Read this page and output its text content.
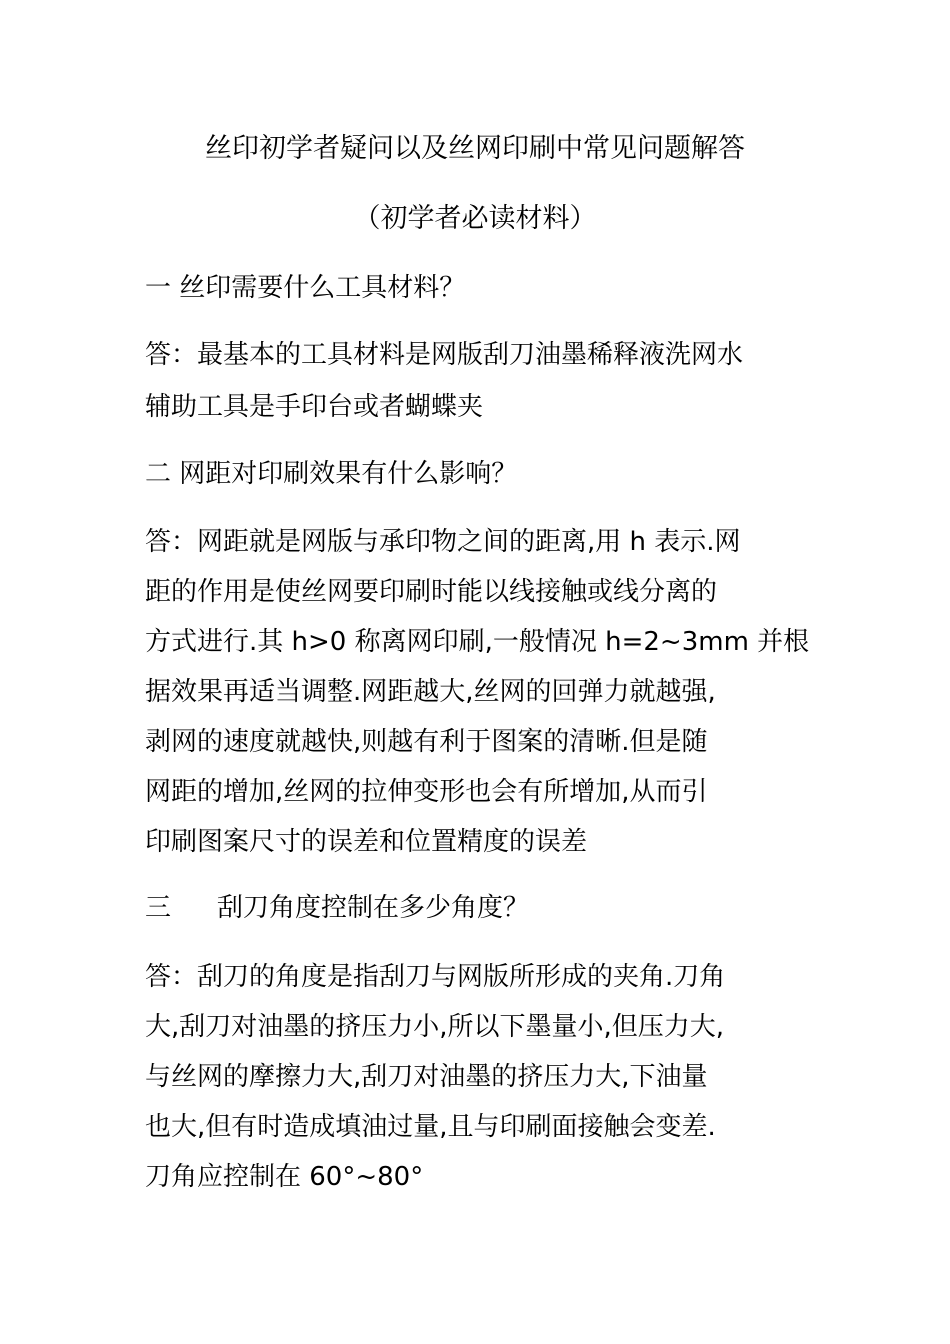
丝印初学者疑问以及丝网印刷中常见问题解答
（初学者必读材料）
一 丝印需要什么工具材料？
答：最基本的工具材料是网版刮刀油墨稀释液洗网水
辅助工具是手印台或者蝴蝶夹
二 网距对印刷效果有什么影响？
答：网距就是网版与承印物之间的距离,用 h 表示.网
距的作用是使丝网要印刷时能以线接触或线分离的
方式进行.其 h>0 称离网印刷,一般情况 h=2~3mm 并根
据效果再适当调整.网距越大,丝网的回弹力就越强,
剥网的速度就越快,则越有利于图案的清晰.但是随
网距的增加,丝网的拉伸变形也会有所增加,从而引
印刷图案尺寸的误差和位置精度的误差
三 刮刀角度控制在多少角度？
答：刮刀的角度是指刮刀与网版所形成的夹角.刀角
大,刮刀对油墨的挤压力小,所以下墨量小,但压力大,
与丝网的摩擦力大,刮刀对油墨的挤压力大,下油量
也大,但有时造成填油过量,且与印刷面接触会变差.
刀角应控制在 60°~80°
